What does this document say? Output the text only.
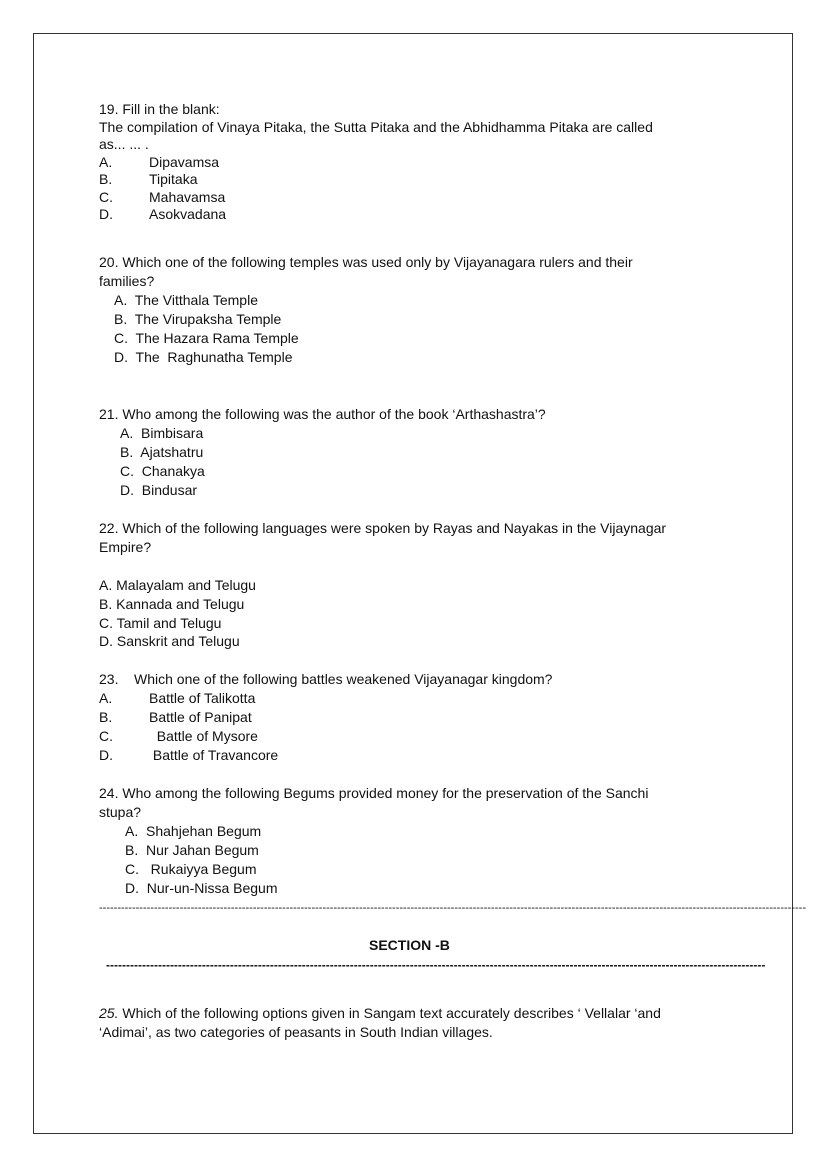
19. Fill in the blank:
The compilation of Vinaya Pitaka, the Sutta Pitaka and the Abhidhamma Pitaka are called
as... ... .
A.	Dipavamsa
B.	Tipitaka
C.	Mahavamsa
D.	Asokvadana
20. Which one of the following temples was used only by Vijayanagara rulers and their
families?
A.  The Vitthala Temple
B.  The Virupaksha Temple
C.  The Hazara Rama Temple
D.  The  Raghunatha Temple
21. Who among the following was the author of the book ‘Arthashastra’?
A.  Bimbisara
B.  Ajatshatru
C.  Chanakya
D.  Bindusar
22. Which of the following languages were spoken by Rayas and Nayakas in the Vijaynagar
Empire?
A. Malayalam and Telugu
B. Kannada and Telugu
C. Tamil and Telugu
D. Sanskrit and Telugu
23.    Which one of the following battles weakened Vijayanagar kingdom?
A.	Battle of Talikotta
B.	Battle of Panipat
C.	Battle of Mysore
D.	Battle of Travancore
24. Who among the following Begums provided money for the preservation of the Sanchi
stupa?
A.  Shahjehan Begum
B.  Nur Jahan Begum
C.   Rukaiyya Begum
D.  Nur-un-Nissa Begum
-------------------------------------------------------------------------------------------------------------------------------------------------------------------------------------------------
SECTION -B
---------------------------------------------------------------------------------------------------------------------------------------------------------------------
25. Which of the following options given in Sangam text accurately describes ‘ Vellalar ‘and
‘Adimai’, as two categories of peasants in South Indian villages.
